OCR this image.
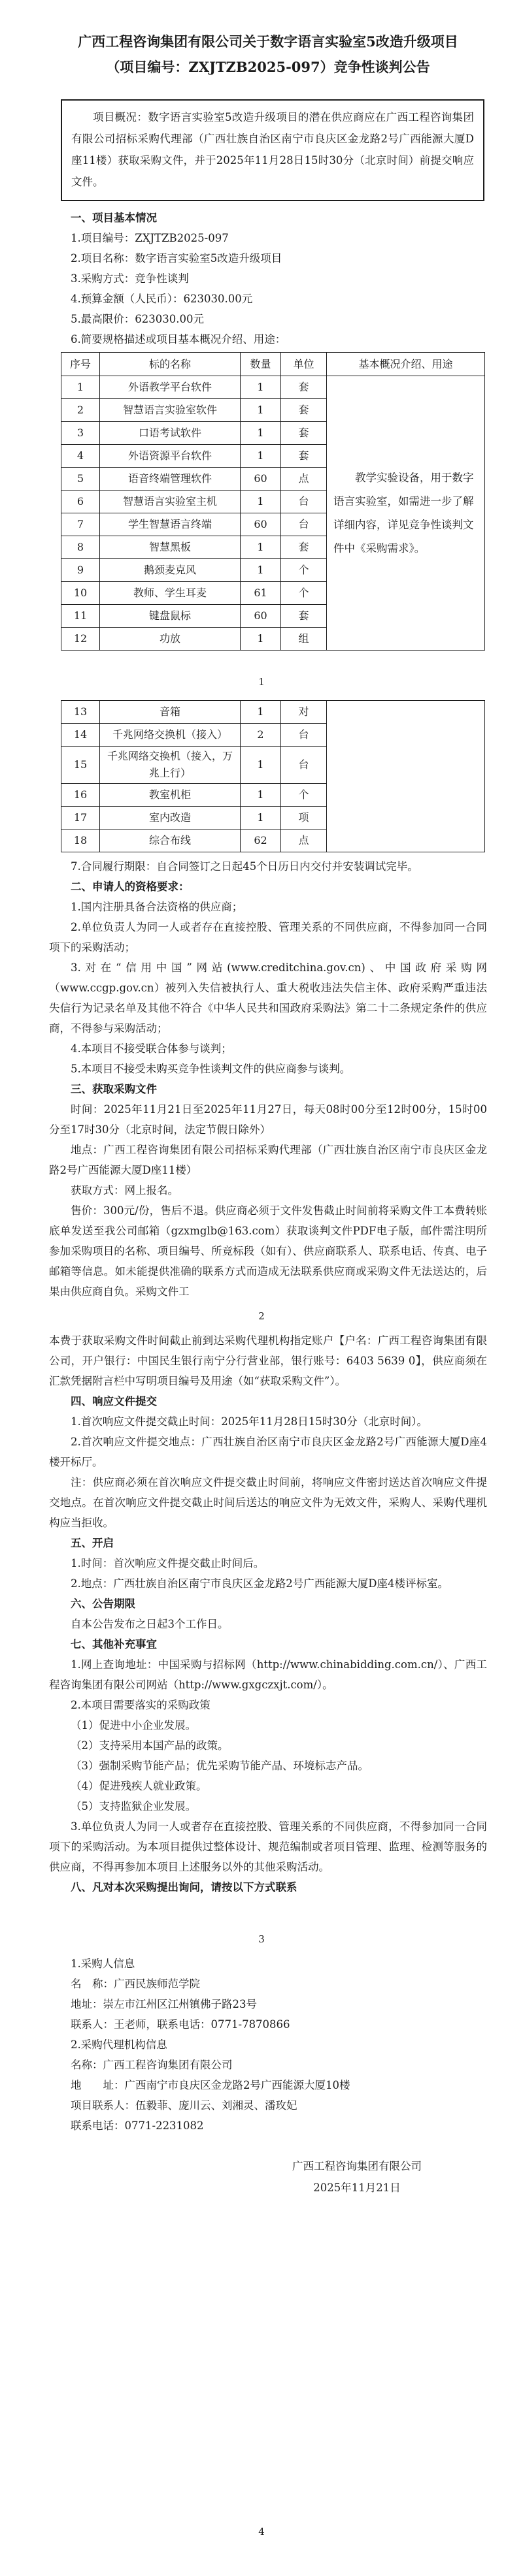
广西工程咨询集团有限公司关于数字语言实验室5改造升级项目
（项目编号：ZXJTZB2025-097）竞争性谈判公告
项目概况：数字语言实验室5改造升级项目的潜在供应商应在广西工程咨询集团有限公司招标采购代理部（广西壮族自治区南宁市良庆区金龙路2号广西能源大厦D座11楼）获取采购文件，并于2025年11月28日15时30分（北京时间）前提交响应文件。
一、项目基本情况
1.项目编号：ZXJTZB2025-097
2.项目名称：数字语言实验室5改造升级项目
3.采购方式：竞争性谈判
4.预算金额（人民币）：623030.00元
5.最高限价：623030.00元
6.简要规格描述或项目基本概况介绍、用途：
序号	标的名称	数量	单位	基本概况介绍、用途
1	外语教学平台软件	1	套	教学实验设备，用于数字语言实验室，如需进一步了解详细内容，详见竞争性谈判文件中《采购需求》。
2	智慧语言实验室软件	1	套	
3	口语考试软件	1	套	
4	外语资源平台软件	1	套	
5	语音终端管理软件	60	点	
6	智慧语言实验室主机	1	台	
7	学生智慧语言终端	60	台	
8	智慧黑板	1	套	
9	鹅颈麦克风	1	个	
10	教师、学生耳麦	61	个	
11	键盘鼠标	60	套	
12	功放	1	组	
1
13	音箱	1	对	
14	千兆网络交换机（接入）	2	台	
15	千兆网络交换机（接入，万兆上行）	1	台	
16	教室机柜	1	个	
17	室内改造	1	项	
18	综合布线	62	点	
7.合同履行期限：自合同签订之日起45个日历日内交付并安装调试完毕。
二、申请人的资格要求：
1.国内注册具备合法资格的供应商；
2.单位负责人为同一人或者存在直接控股、管理关系的不同供应商，不得参加同一合同项下的采购活动；
3.对在“信用中国”网站(www.creditchina.gov.cn)、中国政府采购网（www.ccgp.gov.cn）被列入失信被执行人、重大税收违法失信主体、政府采购严重违法失信行为记录名单及其他不符合《中华人民共和国政府采购法》第二十二条规定条件的供应商，不得参与采购活动；
4.本项目不接受联合体参与谈判；
5.本项目不接受未购买竞争性谈判文件的供应商参与谈判。
三、获取采购文件
时间：2025年11月21日至2025年11月27日，每天08时00分至12时00分，15时00分至17时30分（北京时间，法定节假日除外）
地点：广西工程咨询集团有限公司招标采购代理部（广西壮族自治区南宁市良庆区金龙路2号广西能源大厦D座11楼）
获取方式：网上报名。
售价：300元/份，售后不退。供应商必须于文件发售截止时间前将采购文件工本费转账底单发送至我公司邮箱（gzxmglb@163.com）获取谈判文件PDF电子版，邮件需注明所参加采购项目的名称、项目编号、所竞标段（如有）、供应商联系人、联系电话、传真、电子邮箱等信息。如未能提供准确的联系方式而造成无法联系供应商或采购文件无法送达的，后果由供应商自负。采购文件工
2
本费于获取采购文件时间截止前到达采购代理机构指定账户【户名：广西工程咨询集团有限公司，开户银行：中国民生银行南宁分行营业部，银行账号：6403 5639 0】，供应商须在汇款凭据附言栏中写明项目编号及用途（如“获取采购文件”）。
四、响应文件提交
1.首次响应文件提交截止时间：2025年11月28日15时30分（北京时间）。
2.首次响应文件提交地点：广西壮族自治区南宁市良庆区金龙路2号广西能源大厦D座4楼开标厅。
注：供应商必须在首次响应文件提交截止时间前，将响应文件密封送达首次响应文件提交地点。在首次响应文件提交截止时间后送达的响应文件为无效文件，采购人、采购代理机构应当拒收。
五、开启
1.时间：首次响应文件提交截止时间后。
2.地点：广西壮族自治区南宁市良庆区金龙路2号广西能源大厦D座4楼评标室。
六、公告期限
自本公告发布之日起3个工作日。
七、其他补充事宜
1.网上查询地址：中国采购与招标网（http://www.chinabidding.com.cn/）、广西工程咨询集团有限公司网站（http://www.gxgczxjt.com/）。
2.本项目需要落实的采购政策
（1）促进中小企业发展。
（2）支持采用本国产品的政策。
（3）强制采购节能产品；优先采购节能产品、环境标志产品。
（4）促进残疾人就业政策。
（5）支持监狱企业发展。
3.单位负责人为同一人或者存在直接控股、管理关系的不同供应商，不得参加同一合同项下的采购活动。为本项目提供过整体设计、规范编制或者项目管理、监理、检测等服务的供应商，不得再参加本项目上述服务以外的其他采购活动。
八、凡对本次采购提出询问，请按以下方式联系
3
1.采购人信息
名　称：广西民族师范学院
地址：崇左市江州区江州镇佛子路23号
联系人：王老师，联系电话：0771-7870866
2.采购代理机构信息
名称：广西工程咨询集团有限公司
地　　址：广西南宁市良庆区金龙路2号广西能源大厦10楼
项目联系人：伍毅菲、庞川云、刘湘灵、潘玫妃
联系电话：0771-2231082
广西工程咨询集团有限公司
2025年11月21日
4
